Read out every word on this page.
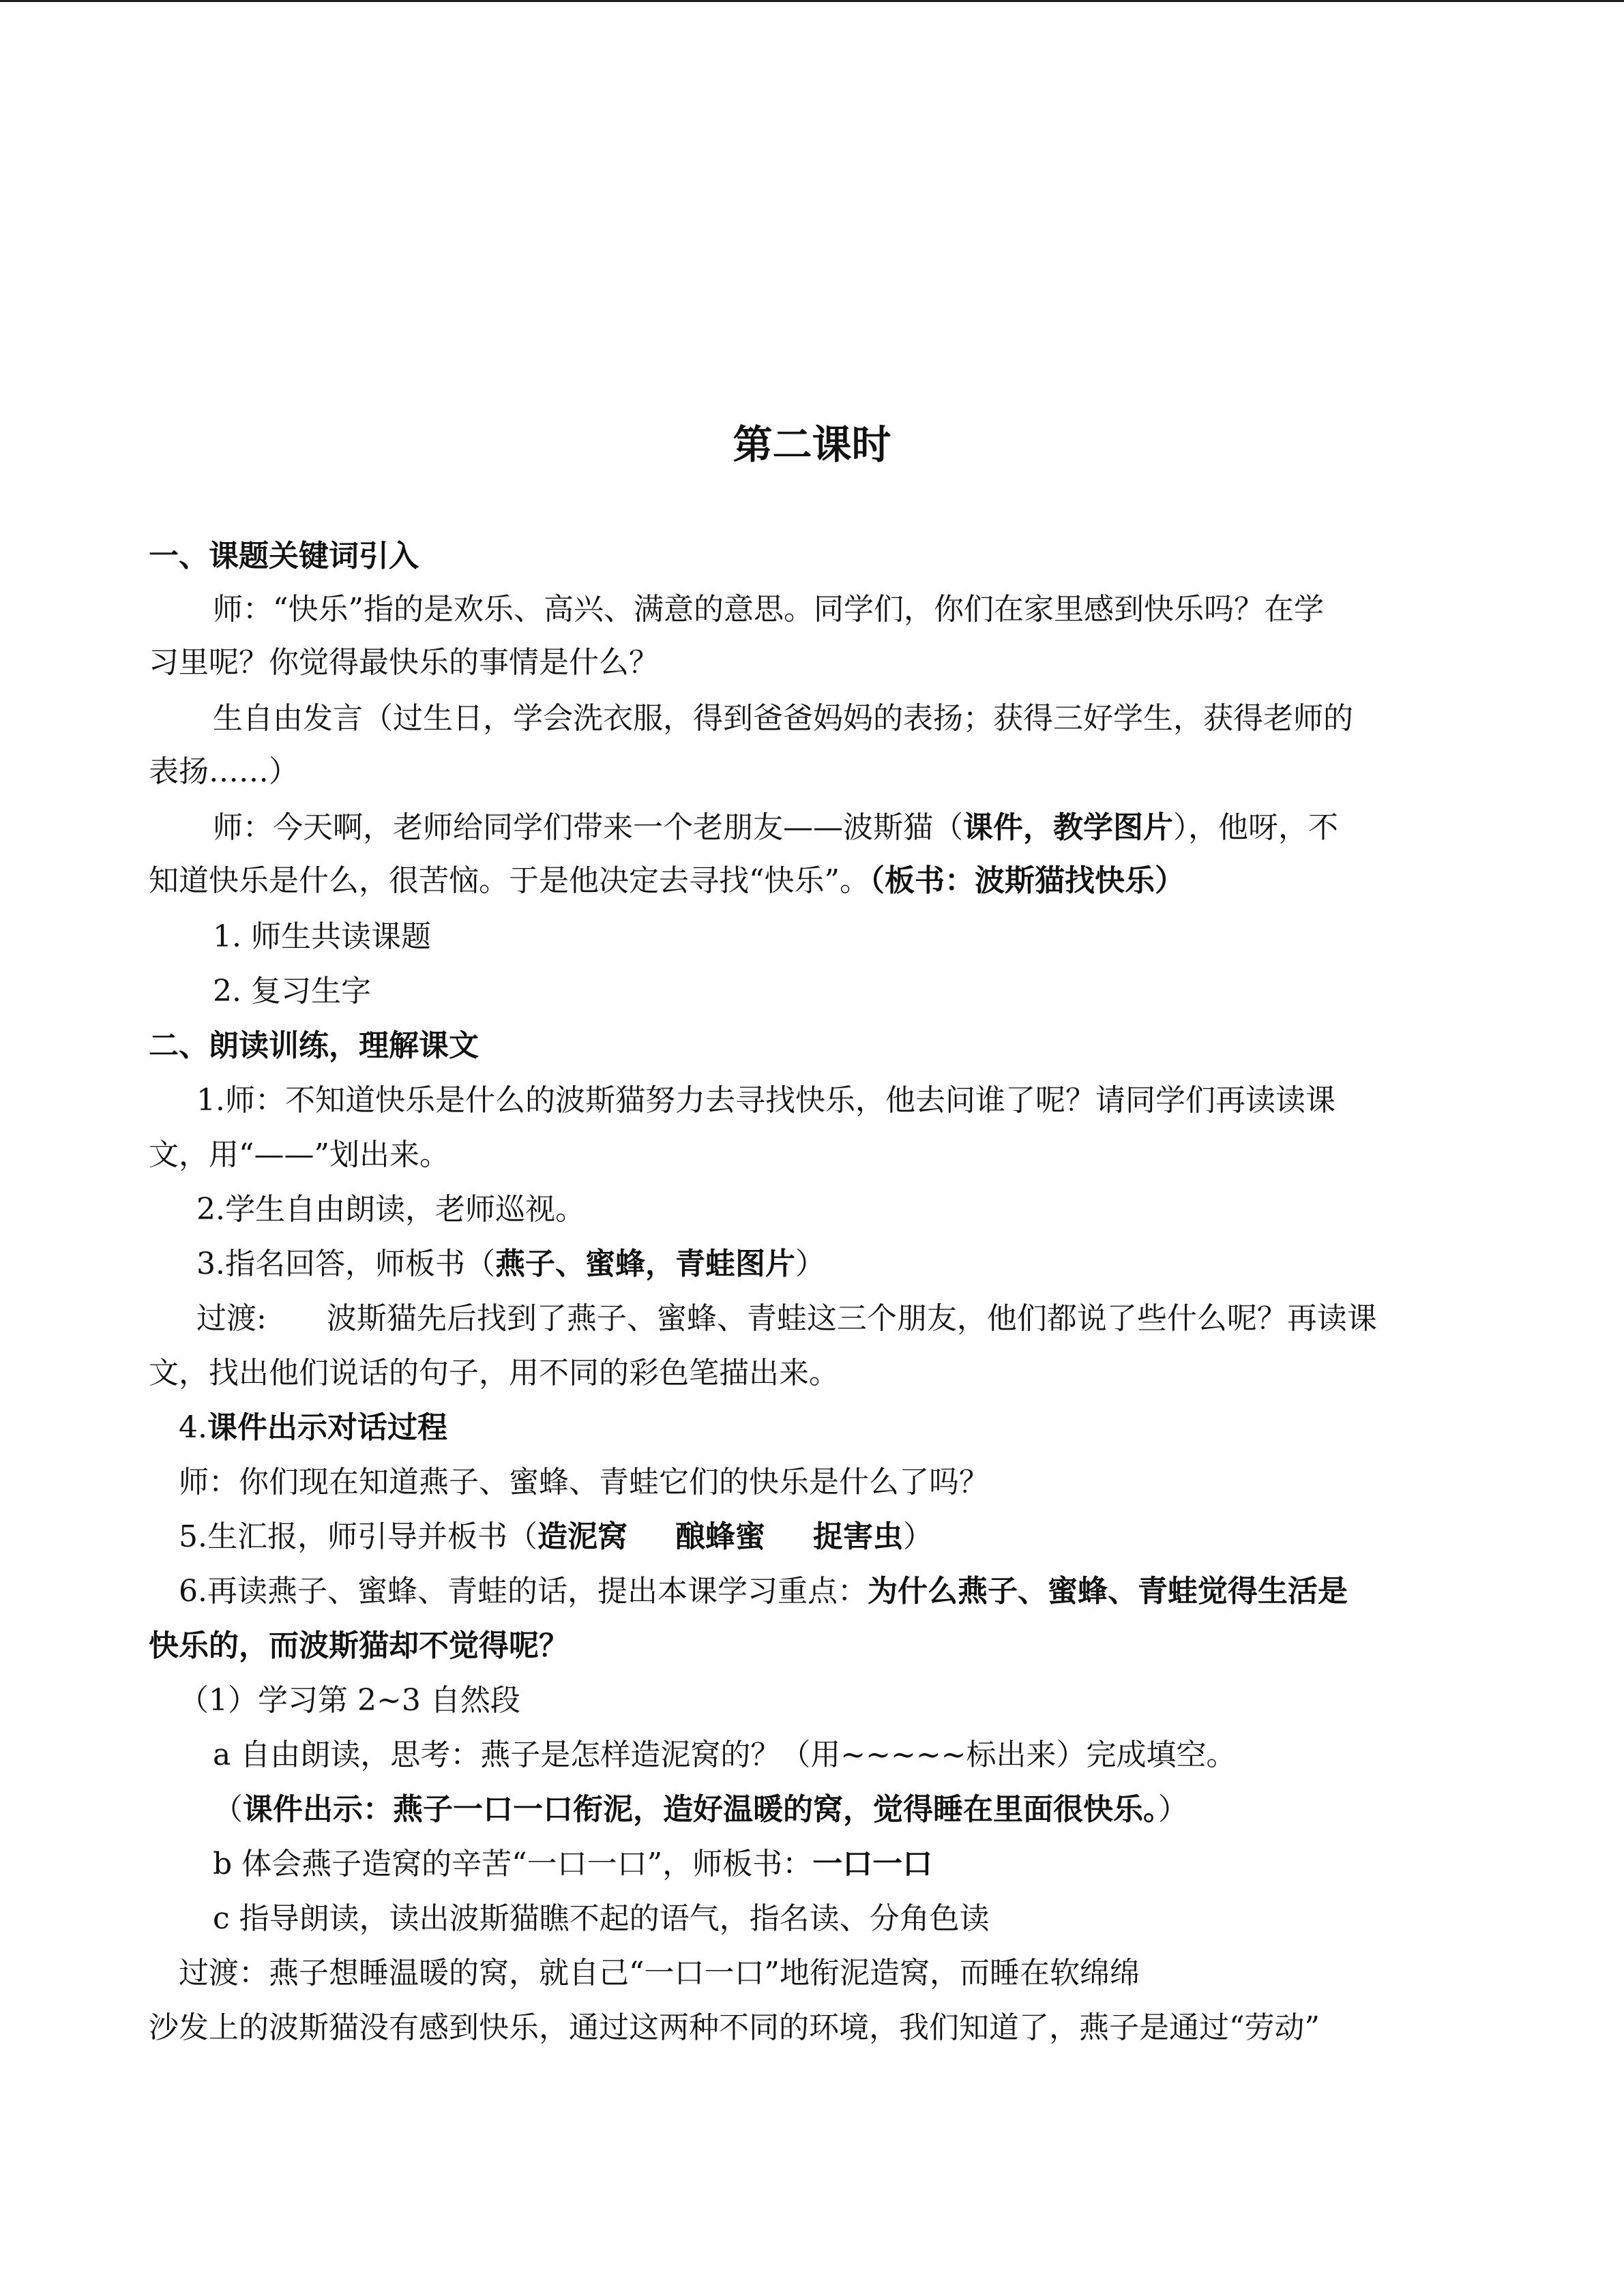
第二课时
一、课题关键词引入
师：“快乐”指的是欢乐、高兴、满意的意思。同学们，你们在家里感到快乐吗？在学
习里呢？你觉得最快乐的事情是什么？
生自由发言（过生日，学会洗衣服，得到爸爸妈妈的表扬；获得三好学生，获得老师的
表扬……）
师：今天啊，老师给同学们带来一个老朋友——波斯猫（课件，教学图片），他呀，不
知道快乐是什么，很苦恼。于是他决定去寻找“快乐”。（板书：波斯猫找快乐）
1. 师生共读课题
2. 复习生字
二、朗读训练，理解课文
1.师：不知道快乐是什么的波斯猫努力去寻找快乐，他去问谁了呢？请同学们再读读课
文，用“——”划出来。
2.学生自由朗读，老师巡视。
3.指名回答，师板书（燕子、蜜蜂，青蛙图片）
过渡: 波斯猫先后找到了燕子、蜜蜂、青蛙这三个朋友，他们都说了些什么呢？再读课
文，找出他们说话的句子，用不同的彩色笔描出来。
4.课件出示对话过程
师：你们现在知道燕子、蜜蜂、青蛙它们的快乐是什么了吗？
5.生汇报，师引导并板书（造泥窝 酿蜂蜜 捉害虫）
6.再读燕子、蜜蜂、青蛙的话，提出本课学习重点：为什么燕子、蜜蜂、青蛙觉得生活是
快乐的，而波斯猫却不觉得呢？
（1）学习第 2~3 自然段
a 自由朗读，思考：燕子是怎样造泥窝的？（用~~~~~标出来）完成填空。
（课件出示：燕子一口一口衔泥，造好温暖的窝，觉得睡在里面很快乐。）
b 体会燕子造窝的辛苦“一口一口”，师板书：一口一口
c 指导朗读，读出波斯猫瞧不起的语气，指名读、分角色读
过渡：燕子想睡温暖的窝，就自己“一口一口”地衔泥造窝，而睡在软绵绵
沙发上的波斯猫没有感到快乐，通过这两种不同的环境，我们知道了，燕子是通过“劳动”
